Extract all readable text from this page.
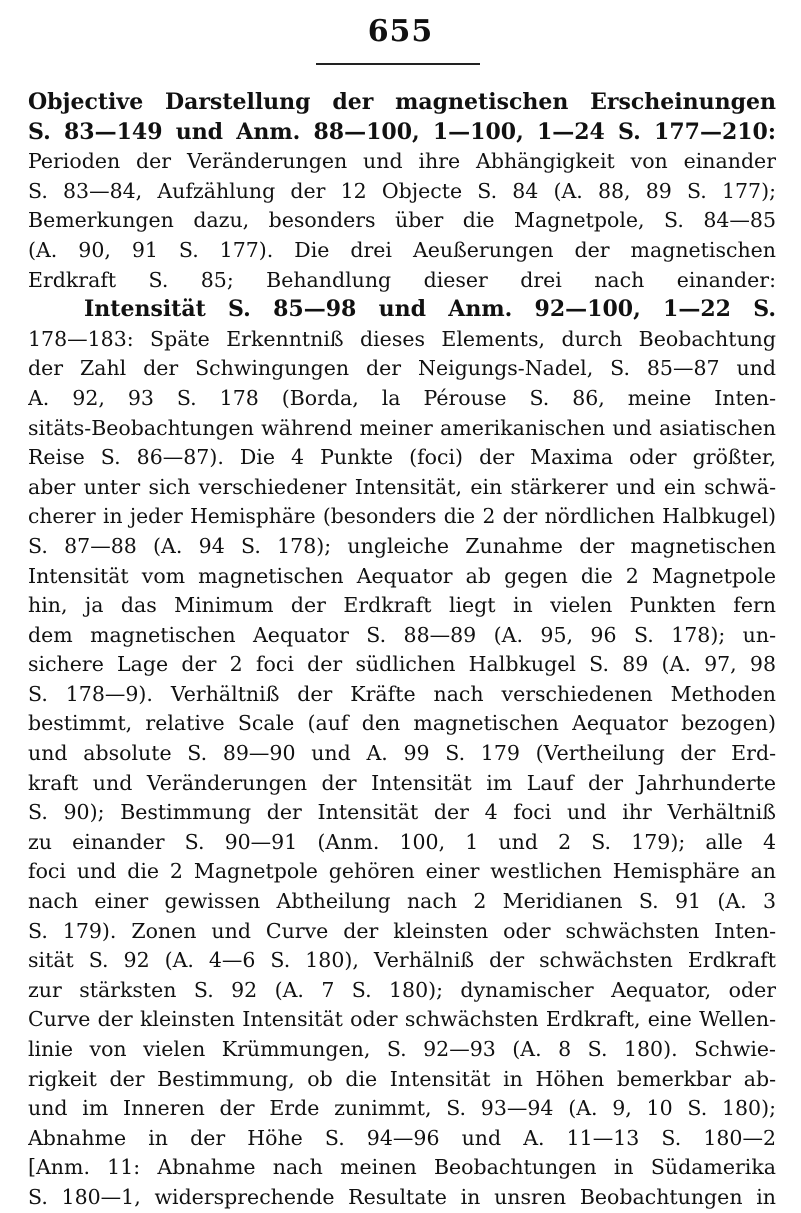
655
Objective Darstellung der magnetischen Erscheinungen
S. 83—149 und Anm. 88—100, 1—100, 1—24 S. 177—210:
Perioden der Veränderungen und ihre Abhängigkeit von einander
S. 83—84, Aufzählung der 12 Objecte S. 84 (A. 88, 89 S. 177);
Bemerkungen dazu, besonders über die Magnetpole, S. 84—85
(A. 90, 91 S. 177). Die drei Aeußerungen der magnetischen
Erdkraft S. 85; Behandlung dieser drei nach einander:
Intensität S. 85—98 und Anm. 92—100, 1—22 S.
178—183: Späte Erkenntniß dieses Elements, durch Beobachtung
der Zahl der Schwingungen der Neigungs-Nadel, S. 85—87 und
A. 92, 93 S. 178 (Borda, la Pérouse S. 86, meine Inten-
sitäts-Beobachtungen während meiner amerikanischen und asiatischen
Reise S. 86—87). Die 4 Punkte (foci) der Maxima oder größter,
aber unter sich verschiedener Intensität, ein stärkerer und ein schwä-
cherer in jeder Hemisphäre (besonders die 2 der nördlichen Halbkugel)
S. 87—88 (A. 94 S. 178); ungleiche Zunahme der magnetischen
Intensität vom magnetischen Aequator ab gegen die 2 Magnetpole
hin, ja das Minimum der Erdkraft liegt in vielen Punkten fern
dem magnetischen Aequator S. 88—89 (A. 95, 96 S. 178); un-
sichere Lage der 2 foci der südlichen Halbkugel S. 89 (A. 97, 98
S. 178—9). Verhältniß der Kräfte nach verschiedenen Methoden
bestimmt, relative Scale (auf den magnetischen Aequator bezogen)
und absolute S. 89—90 und A. 99 S. 179 (Vertheilung der Erd-
kraft und Veränderungen der Intensität im Lauf der Jahrhunderte
S. 90); Bestimmung der Intensität der 4 foci und ihr Verhältniß
zu einander S. 90—91 (Anm. 100, 1 und 2 S. 179); alle 4
foci und die 2 Magnetpole gehören einer westlichen Hemisphäre an
nach einer gewissen Abtheilung nach 2 Meridianen S. 91 (A. 3
S. 179). Zonen und Curve der kleinsten oder schwächsten Inten-
sität S. 92 (A. 4—6 S. 180), Verhälniß der schwächsten Erdkraft
zur stärksten S. 92 (A. 7 S. 180); dynamischer Aequator, oder
Curve der kleinsten Intensität oder schwächsten Erdkraft, eine Wellen-
linie von vielen Krümmungen, S. 92—93 (A. 8 S. 180). Schwie-
rigkeit der Bestimmung, ob die Intensität in Höhen bemerkbar ab-
und im Inneren der Erde zunimmt, S. 93—94 (A. 9, 10 S. 180);
Abnahme in der Höhe S. 94—96 und A. 11—13 S. 180—2
[Anm. 11: Abnahme nach meinen Beobachtungen in Südamerika
S. 180—1, widersprechende Resultate in unsren Beobachtungen in
